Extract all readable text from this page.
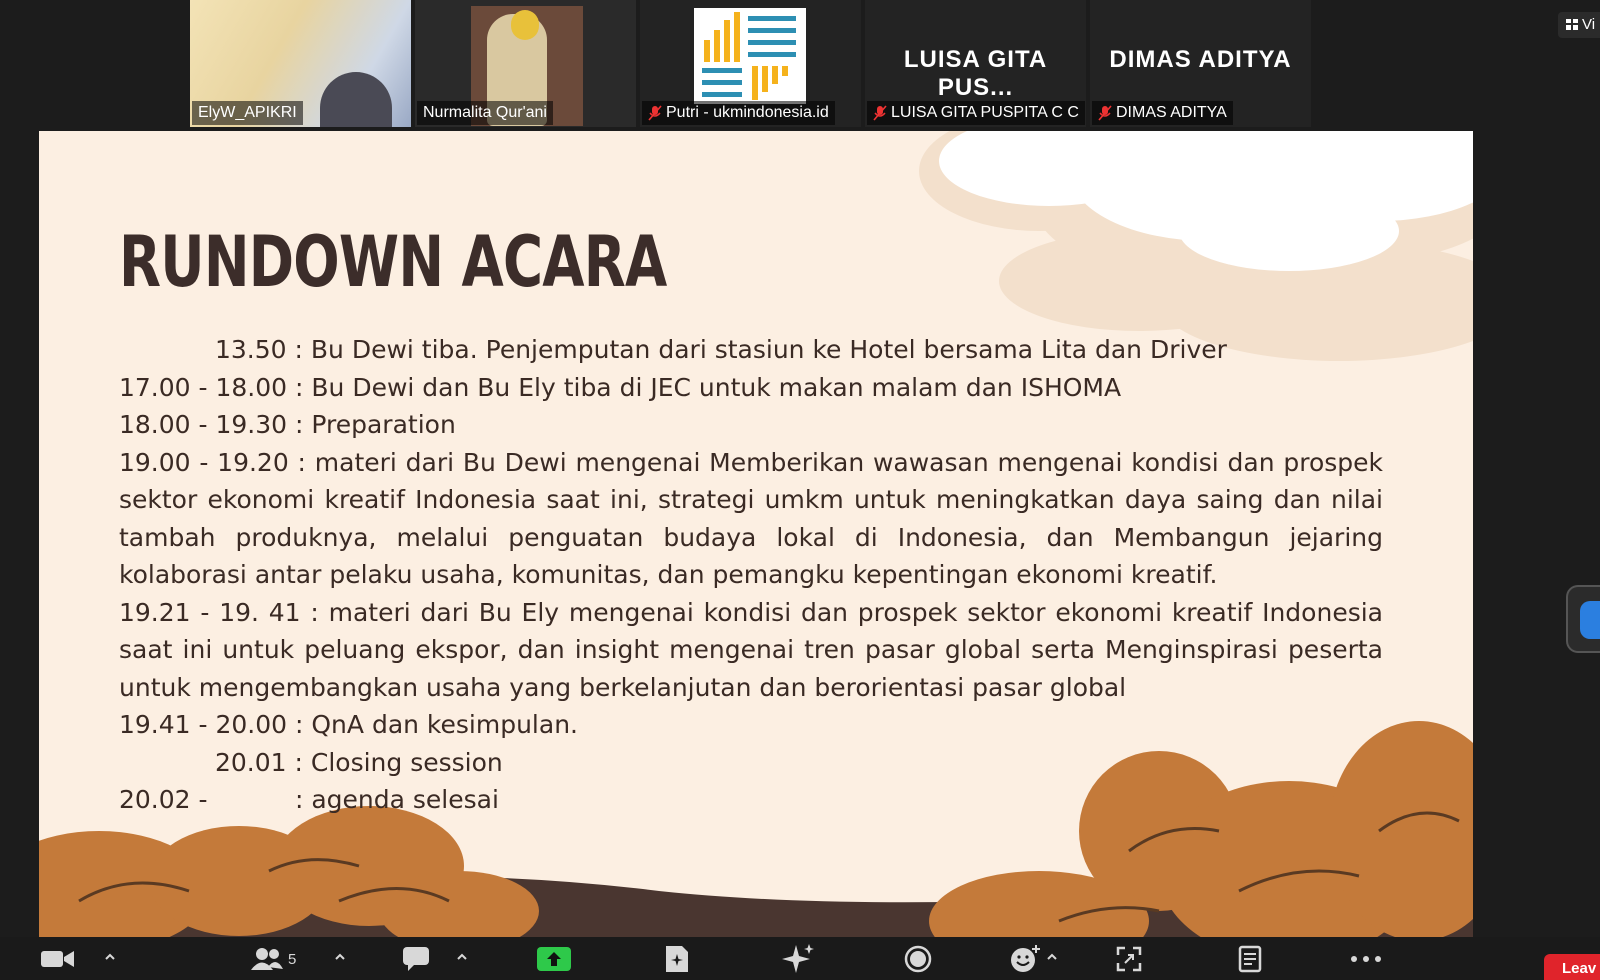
ElyW_APIKRI	Nurmalita Qur'ani	Putri - ukmindonesia.id
LUISA GITA PUS...
LUISA GITA PUSPITA C C
DIMAS ADITYA
DIMAS ADITYA
Vi
RUNDOWN ACARA
13.50 : Bu Dewi tiba. Penjemputan dari stasiun ke Hotel bersama Lita dan Driver
17.00 - 18.00 : Bu Dewi dan Bu Ely tiba di JEC untuk makan malam dan ISHOMA
18.00 - 19.30 : Preparation
19.00 - 19.20 : materi dari Bu Dewi mengenai Memberikan wawasan mengenai kondisi dan prospek sektor ekonomi kreatif Indonesia saat ini, strategi umkm untuk meningkatkan daya saing dan nilai tambah produknya, melalui penguatan budaya lokal di Indonesia, dan Membangun jejaring kolaborasi antar pelaku usaha, komunitas, dan pemangku kepentingan ekonomi kreatif.
19.21 - 19. 41 : materi dari Bu Ely mengenai kondisi dan prospek sektor ekonomi kreatif Indonesia saat ini untuk peluang ekspor, dan insight mengenai tren pasar global serta Menginspirasi peserta untuk mengembangkan usaha yang berkelanjutan dan berorientasi pasar global
19.41 - 20.00 : QnA dan kesimpulan.
20.01 : Closing session
20.02 -           : agenda selesai
5
Leav
